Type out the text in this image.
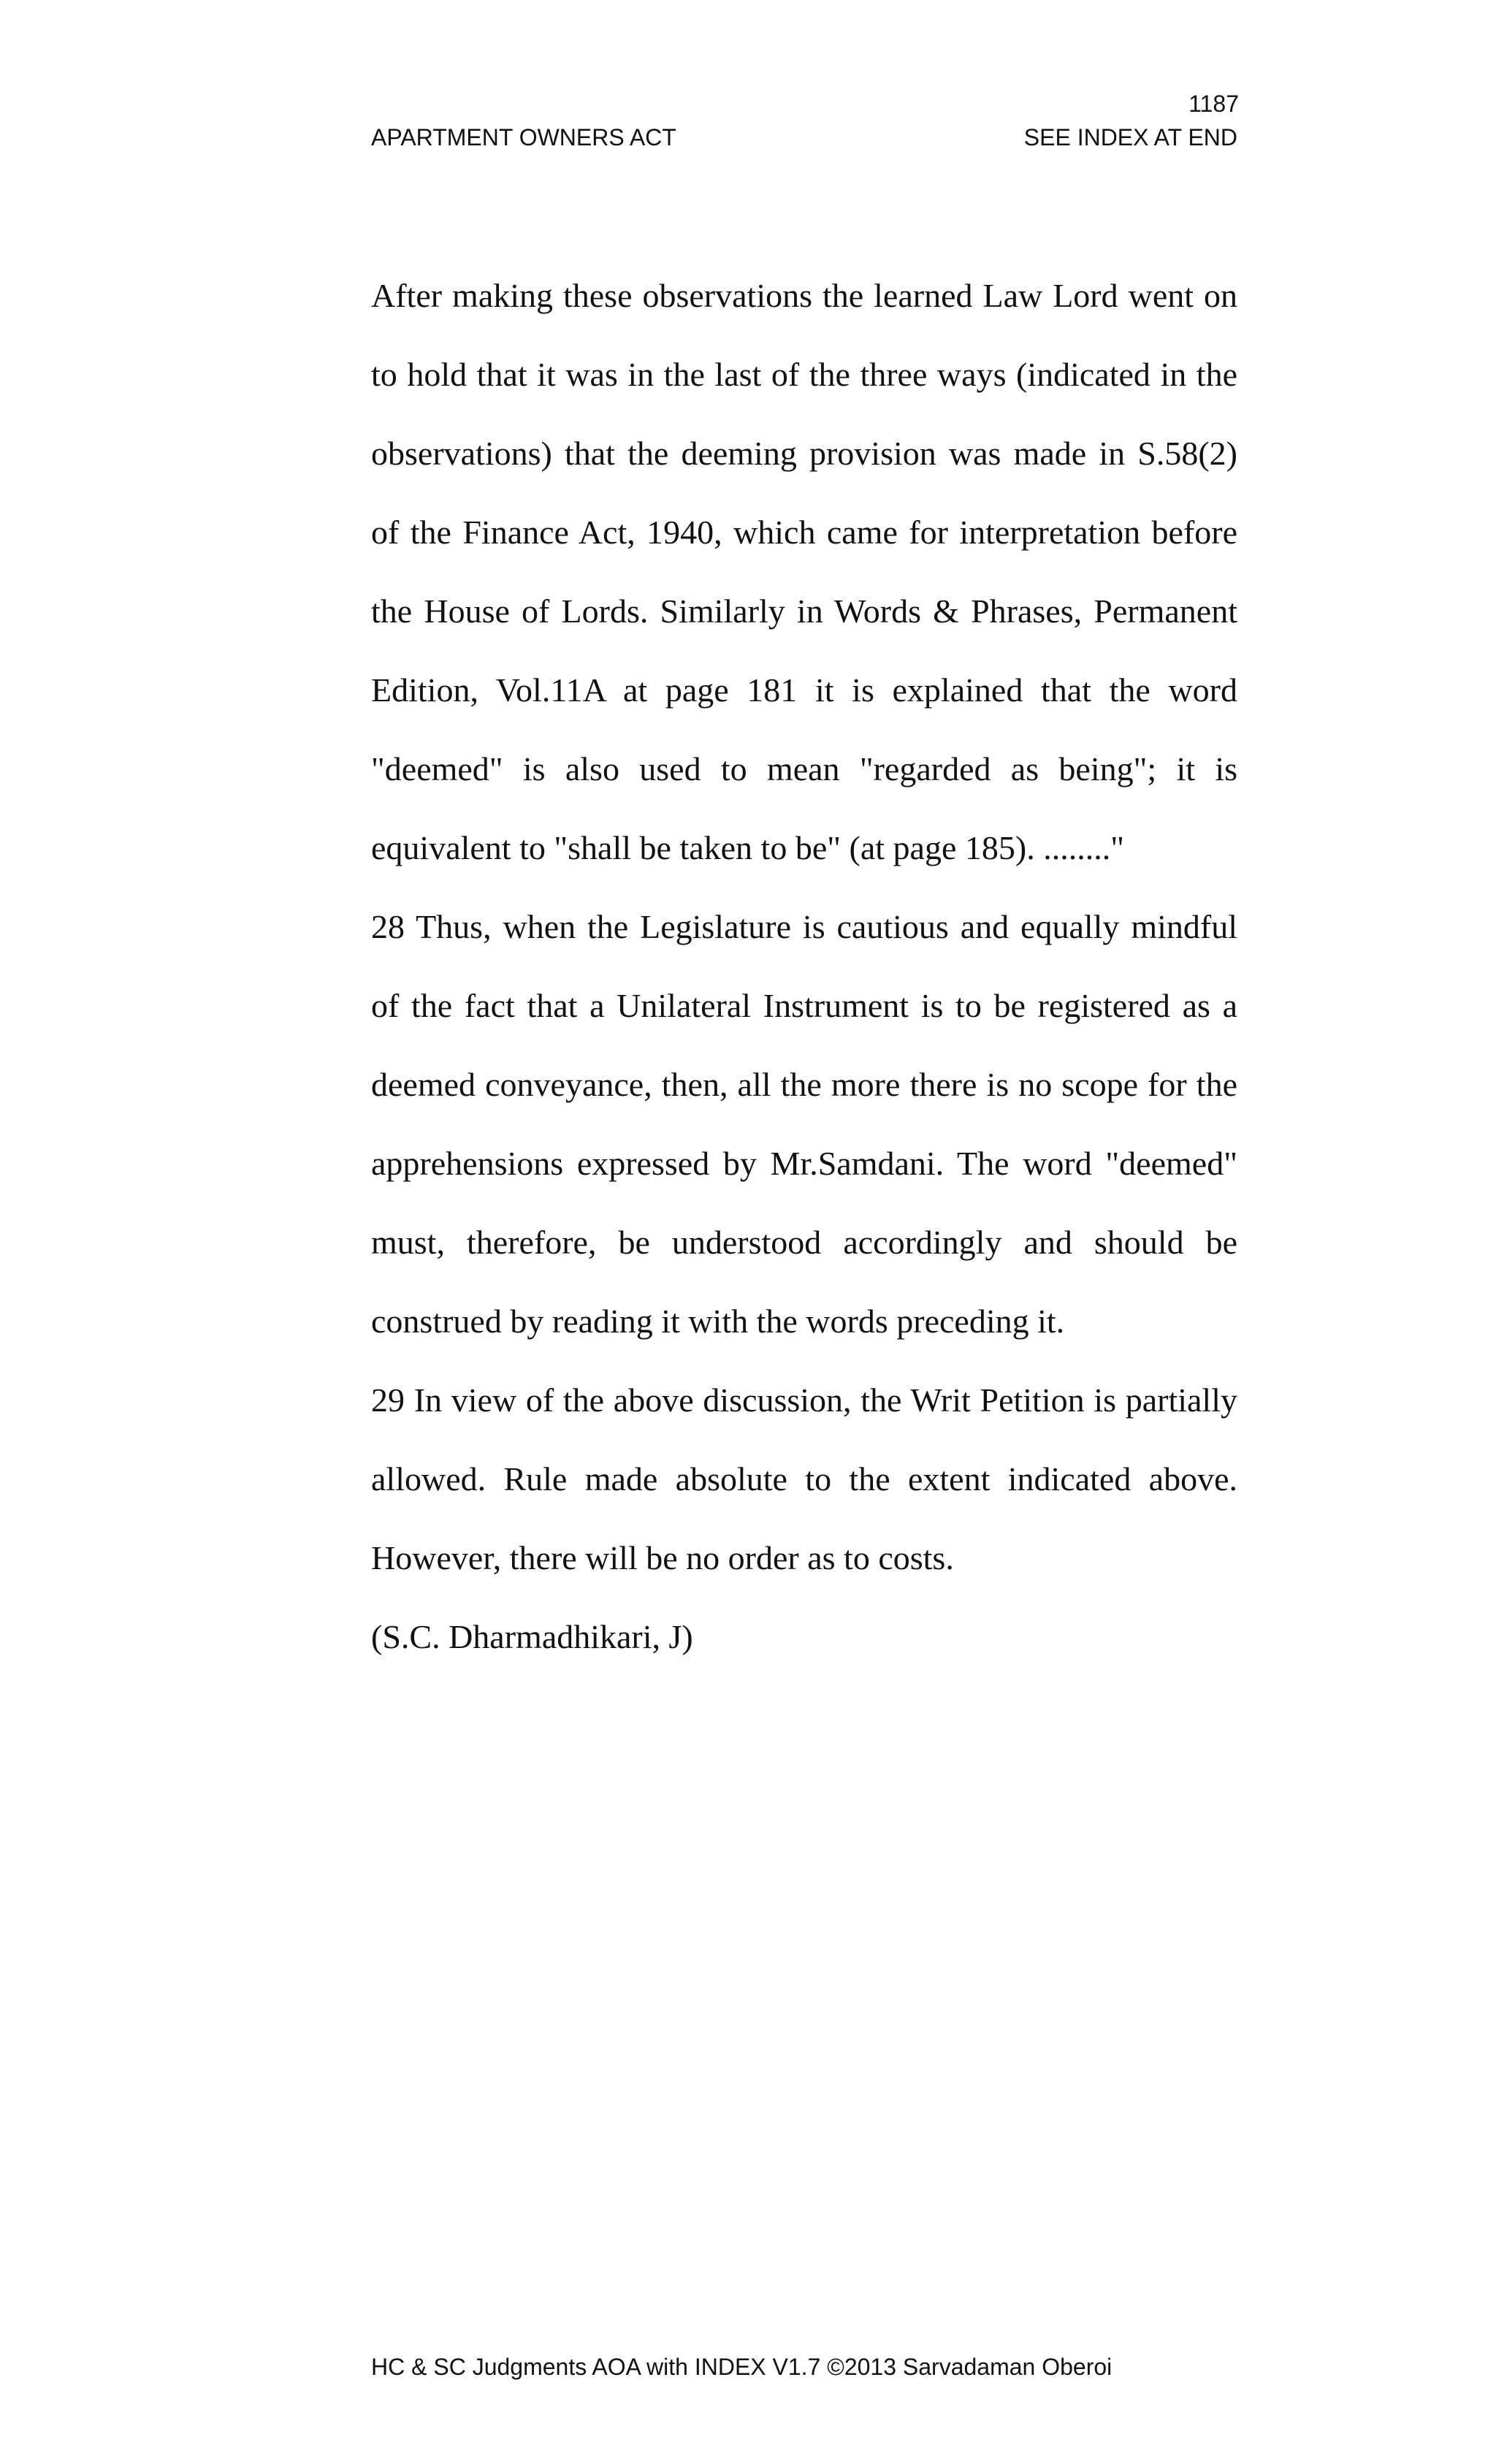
1187
APARTMENT OWNERS ACT	SEE INDEX AT END

After making these observations the learned Law Lord went on to hold that it was in the last of the three ways (indicated in the observations) that the deeming provision was made in S.58(2) of the Finance Act, 1940, which came for interpretation before the House of Lords. Similarly in Words & Phrases, Permanent Edition, Vol.11A at page 181 it is explained that the word "deemed" is also used to mean "regarded as being"; it is equivalent to "shall be taken to be" (at page 185). ........"

28 Thus, when the Legislature is cautious and equally mindful of the fact that a Unilateral Instrument is to be registered as a deemed conveyance, then, all the more there is no scope for the apprehensions expressed by Mr.Samdani. The word "deemed" must, therefore, be understood accordingly and should be construed by reading it with the words preceding it.

29 In view of the above discussion, the Writ Petition is partially allowed. Rule made absolute to the extent indicated above. However, there will be no order as to costs.

(S.C. Dharmadhikari, J)

HC & SC Judgments AOA with INDEX V1.7 ©2013 Sarvadaman Oberoi
